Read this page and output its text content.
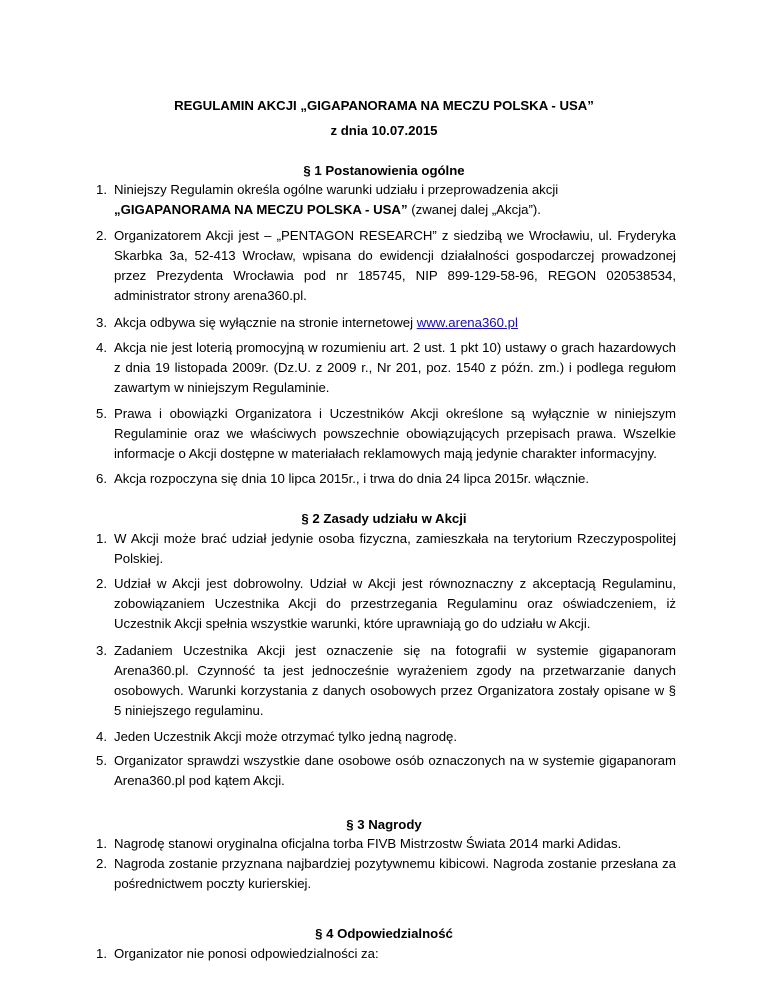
REGULAMIN AKCJI „GIGAPANORAMA NA MECZU POLSKA - USA”
z dnia 10.07.2015
§ 1 Postanowienia ogólne
1. Niniejszy Regulamin określa ogólne warunki udziału i przeprowadzenia akcji „GIGAPANORAMA NA MECZU POLSKA - USA” (zwanej dalej „Akcja”).
2. Organizatorem Akcji jest – „PENTAGON RESEARCH” z siedzibą we Wrocławiu, ul. Fryderyka Skarbka 3a, 52-413 Wrocław, wpisana do ewidencji działalności gospodarczej prowadzonej przez Prezydenta Wrocławia pod nr 185745, NIP 899-129-58-96, REGON 020538534, administrator strony arena360.pl.
3. Akcja odbywa się wyłącznie na stronie internetowej www.arena360.pl
4. Akcja nie jest loterią promocyjną w rozumieniu art. 2 ust. 1 pkt 10) ustawy o grach hazardowych z dnia 19 listopada 2009r. (Dz.U. z 2009 r., Nr 201, poz. 1540 z późn. zm.) i podlega regułom zawartym w niniejszym Regulaminie.
5. Prawa i obowiązki Organizatora i Uczestników Akcji określone są wyłącznie w niniejszym Regulaminie oraz we właściwych powszechnie obowiązujących przepisach prawa. Wszelkie informacje o Akcji dostępne w materiałach reklamowych mają jedynie charakter informacyjny.
6. Akcja rozpoczyna się dnia 10 lipca 2015r., i trwa do dnia 24 lipca 2015r. włącznie.
§ 2 Zasady udziału w Akcji
1. W Akcji może brać udział jedynie osoba fizyczna, zamieszkała na terytorium Rzeczypospolitej Polskiej.
2. Udział w Akcji jest dobrowolny. Udział w Akcji jest równoznaczny z akceptacją Regulaminu, zobowiązaniem Uczestnika Akcji do przestrzegania Regulaminu oraz oświadczeniem, iż Uczestnik Akcji spełnia wszystkie warunki, które uprawniają go do udziału w Akcji.
3. Zadaniem Uczestnika Akcji jest oznaczenie się na fotografii w systemie gigapanoram Arena360.pl. Czynność ta jest jednocześnie wyrażeniem zgody na przetwarzanie danych osobowych. Warunki korzystania z danych osobowych przez Organizatora zostały opisane w § 5 niniejszego regulaminu.
4. Jeden Uczestnik Akcji może otrzymać tylko jedną nagrodę.
5. Organizator sprawdzi wszystkie dane osobowe osób oznaczonych na w systemie gigapanoram Arena360.pl pod kątem Akcji.
§ 3 Nagrody
1. Nagrodę stanowi oryginalna oficjalna torba FIVB Mistrzostw Świata 2014 marki Adidas.
2. Nagroda zostanie przyznana najbardziej pozytywnemu kibicowi. Nagroda zostanie przesłana za pośrednictwem poczty kurierskiej.
§ 4 Odpowiedzialność
1. Organizator nie ponosi odpowiedzialności za:
